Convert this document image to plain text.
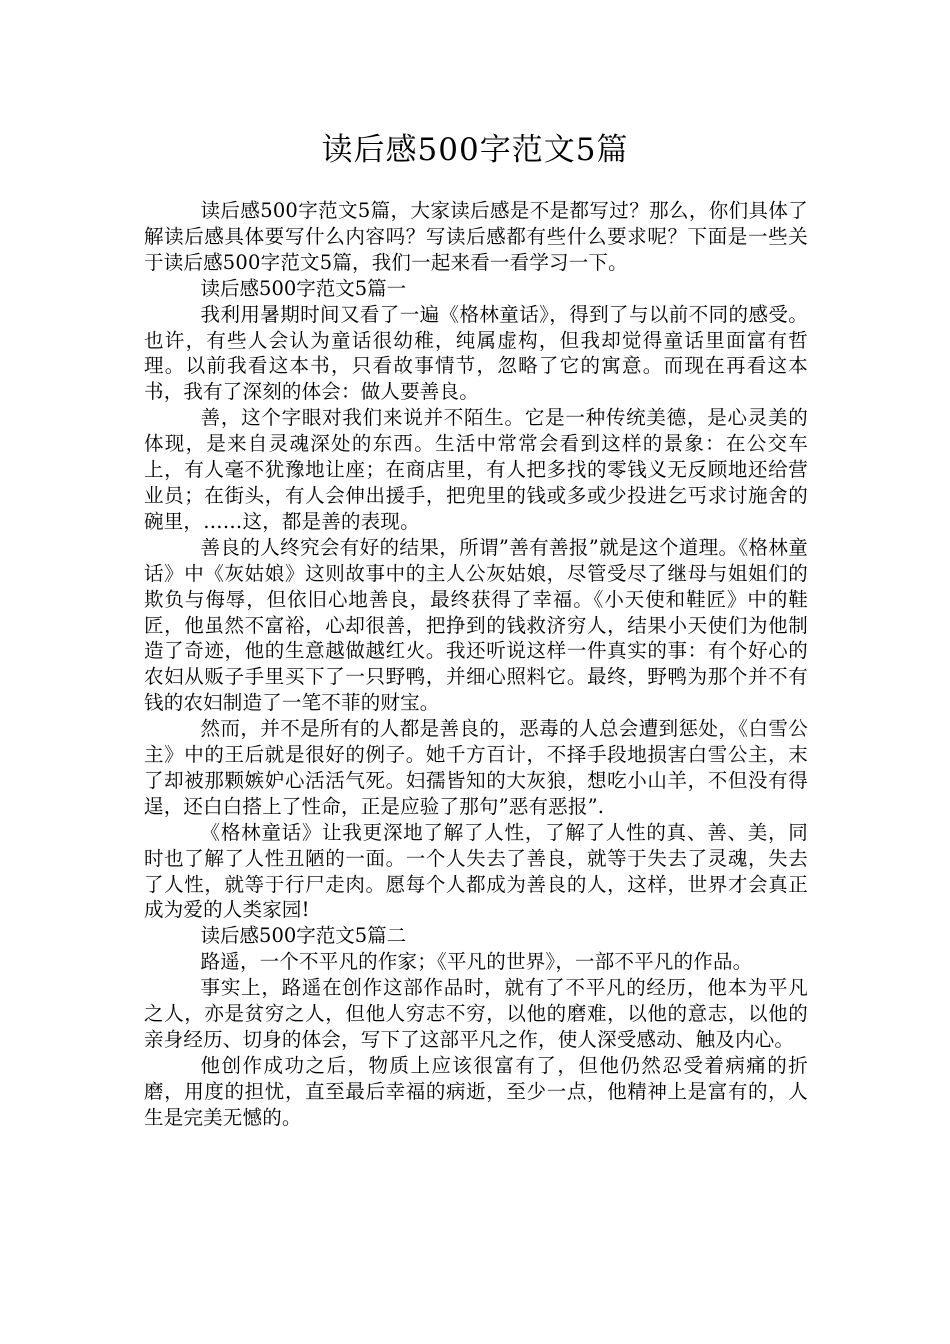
读后感500字范文5篇

读后感500字范文5篇，大家读后感是不是都写过？那么，你们具体了解读后感具体要写什么内容吗？写读后感都有些什么要求呢？下面是一些关于读后感500字范文5篇，我们一起来看一看学习一下。

读后感500字范文5篇一

我利用暑期时间又看了一遍《格林童话》，得到了与以前不同的感受。也许，有些人会认为童话很幼稚，纯属虚构，但我却觉得童话里面富有哲理。以前我看这本书，只看故事情节，忽略了它的寓意。而现在再看这本书，我有了深刻的体会：做人要善良。

善，这个字眼对我们来说并不陌生。它是一种传统美德，是心灵美的体现，是来自灵魂深处的东西。生活中常常会看到这样的景象：在公交车上，有人毫不犹豫地让座；在商店里，有人把多找的零钱义无反顾地还给营业员；在街头，有人会伸出援手，把兜里的钱或多或少投进乞丐求讨施舍的碗里，……这，都是善的表现。

善良的人终究会有好的结果，所谓”善有善报”就是这个道理。《格林童话》中《灰姑娘》这则故事中的主人公灰姑娘，尽管受尽了继母与姐姐们的欺负与侮辱，但依旧心地善良，最终获得了幸福。《小天使和鞋匠》中的鞋匠，他虽然不富裕，心却很善，把挣到的钱救济穷人，结果小天使们为他制造了奇迹，他的生意越做越红火。我还听说这样一件真实的事：有个好心的农妇从贩子手里买下了一只野鸭，并细心照料它。最终，野鸭为那个并不有钱的农妇制造了一笔不菲的财宝。

然而，并不是所有的人都是善良的，恶毒的人总会遭到惩处，《白雪公主》中的王后就是很好的例子。她千方百计，不择手段地损害白雪公主，末了却被那颗嫉妒心活活气死。妇孺皆知的大灰狼，想吃小山羊，不但没有得逞，还白白搭上了性命，正是应验了那句”恶有恶报”.

《格林童话》让我更深地了解了人性，了解了人性的真、善、美，同时也了解了人性丑陋的一面。一个人失去了善良，就等于失去了灵魂，失去了人性，就等于行尸走肉。愿每个人都成为善良的人，这样，世界才会真正成为爱的人类家园!

读后感500字范文5篇二

路遥，一个不平凡的作家；《平凡的世界》，一部不平凡的作品。

事实上，路遥在创作这部作品时，就有了不平凡的经历，他本为平凡之人，亦是贫穷之人，但他人穷志不穷，以他的磨难，以他的意志，以他的亲身经历、切身的体会，写下了这部平凡之作，使人深受感动、触及内心。

他创作成功之后，物质上应该很富有了，但他仍然忍受着病痛的折磨，用度的担忧，直至最后幸福的病逝，至少一点，他精神上是富有的，人生是完美无憾的。
